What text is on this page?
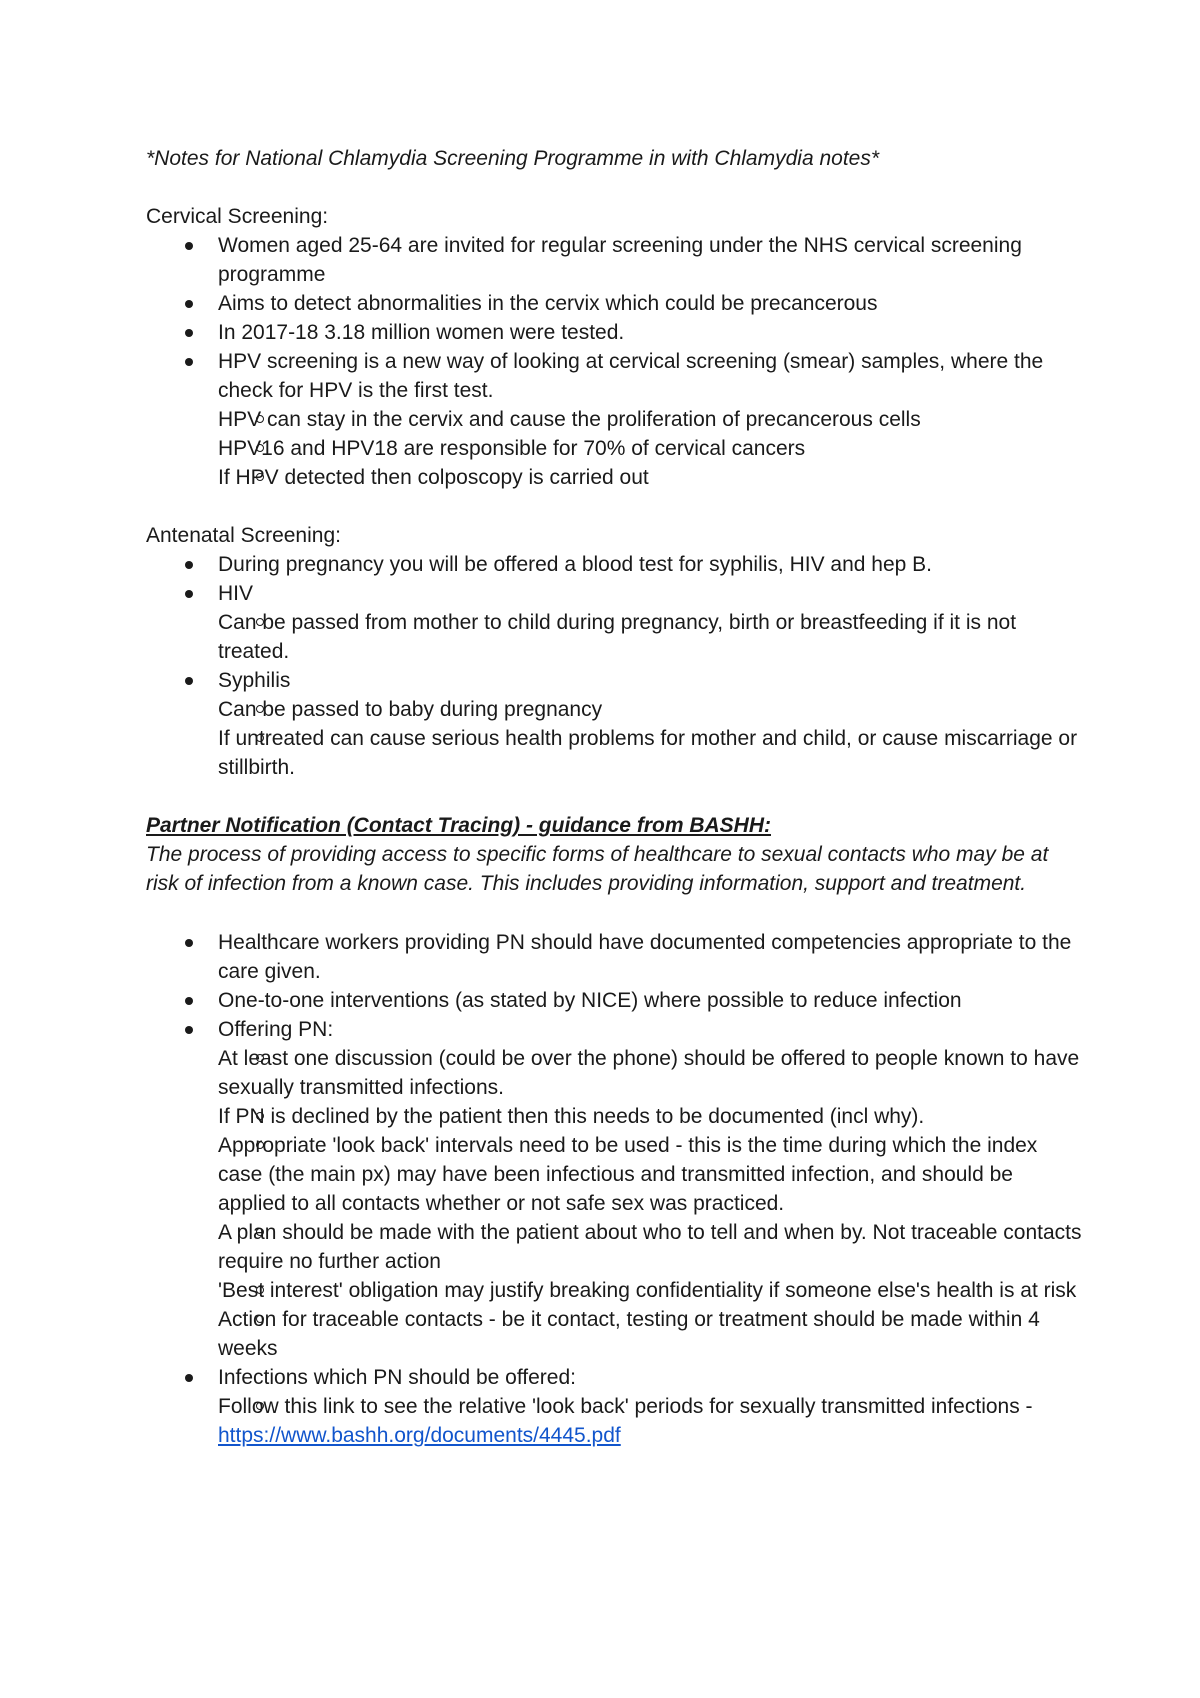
*Notes for National Chlamydia Screening Programme in with Chlamydia notes*

Cervical Screening:

Women aged 25-64 are invited for regular screening under the NHS cervical screening programme
Aims to detect abnormalities in the cervix which could be precancerous
In 2017-18 3.18 million women were tested.
HPV screening is a new way of looking at cervical screening (smear) samples, where the check for HPV is the first test.
HPV can stay in the cervix and cause the proliferation of precancerous cells
HPV16 and HPV18 are responsible for 70% of cervical cancers
If HPV detected then colposcopy is carried out

Antenatal Screening:

During pregnancy you will be offered a blood test for syphilis, HIV and hep B.
HIV
Can be passed from mother to child during pregnancy, birth or breastfeeding if it is not treated.
Syphilis
Can be passed to baby during pregnancy
If untreated can cause serious health problems for mother and child, or cause miscarriage or stillbirth.

Partner Notification (Contact Tracing) - guidance from BASHH:

The process of providing access to specific forms of healthcare to sexual contacts who may be at risk of infection from a known case. This includes providing information, support and treatment.

Healthcare workers providing PN should have documented competencies appropriate to the care given.
One-to-one interventions (as stated by NICE) where possible to reduce infection
Offering PN:
At least one discussion (could be over the phone) should be offered to people known to have sexually transmitted infections.
If PN is declined by the patient then this needs to be documented (incl why).
Appropriate 'look back' intervals need to be used - this is the time during which the index case (the main px) may have been infectious and transmitted infection, and should be applied to all contacts whether or not safe sex was practiced.
A plan should be made with the patient about who to tell and when by. Not traceable contacts require no further action
'Best interest' obligation may justify breaking confidentiality if someone else's health is at risk
Action for traceable contacts - be it contact, testing or treatment should be made within 4 weeks
Infections which PN should be offered:
Follow this link to see the relative 'look back' periods for sexually transmitted infections - https://www.bashh.org/documents/4445.pdf
